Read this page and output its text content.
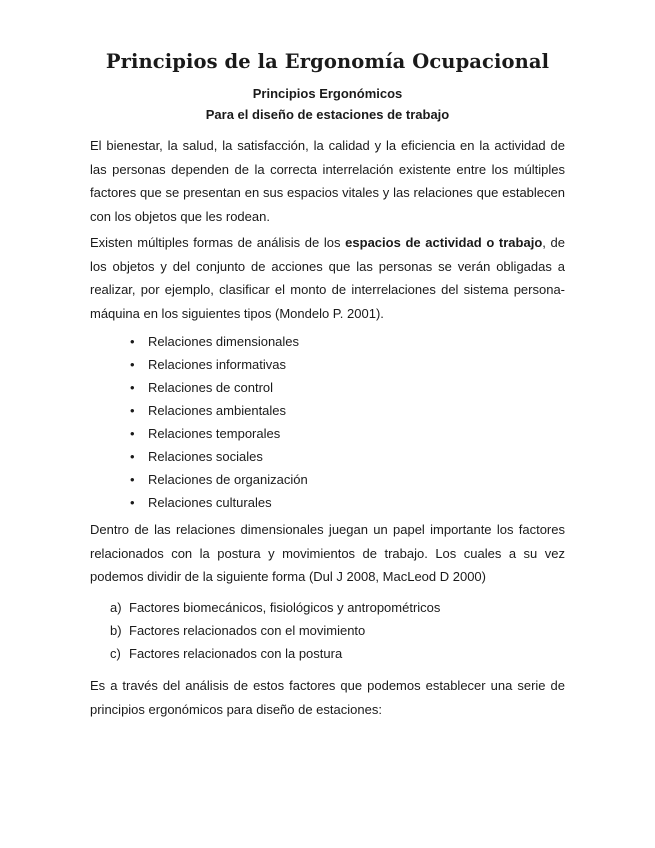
Principios de la Ergonomía Ocupacional
Principios Ergonómicos
Para el diseño de estaciones de trabajo

El bienestar, la salud, la satisfacción, la calidad y la eficiencia en la actividad de las personas dependen de la correcta interrelación existente entre los múltiples factores que se presentan en sus espacios vitales y las relaciones que establecen con los objetos que les rodean.

Existen múltiples formas de análisis de los espacios de actividad o trabajo, de los objetos y del conjunto de acciones que las personas se verán obligadas a realizar, por ejemplo, clasificar el monto de interrelaciones del sistema persona-máquina en los siguientes tipos (Mondelo P. 2001).

• Relaciones dimensionales
• Relaciones informativas
• Relaciones de control
• Relaciones ambientales
• Relaciones temporales
• Relaciones sociales
• Relaciones de organización
• Relaciones culturales

Dentro de las relaciones dimensionales juegan un papel importante los factores relacionados con la postura y movimientos de trabajo. Los cuales a su vez podemos dividir de la siguiente forma (Dul J 2008, MacLeod D 2000)

a) Factores biomecánicos, fisiológicos y antropométricos
b) Factores relacionados con el movimiento
c) Factores relacionados con la postura

Es a través del análisis de estos factores que podemos establecer una serie de principios ergonómicos para diseño de estaciones:
